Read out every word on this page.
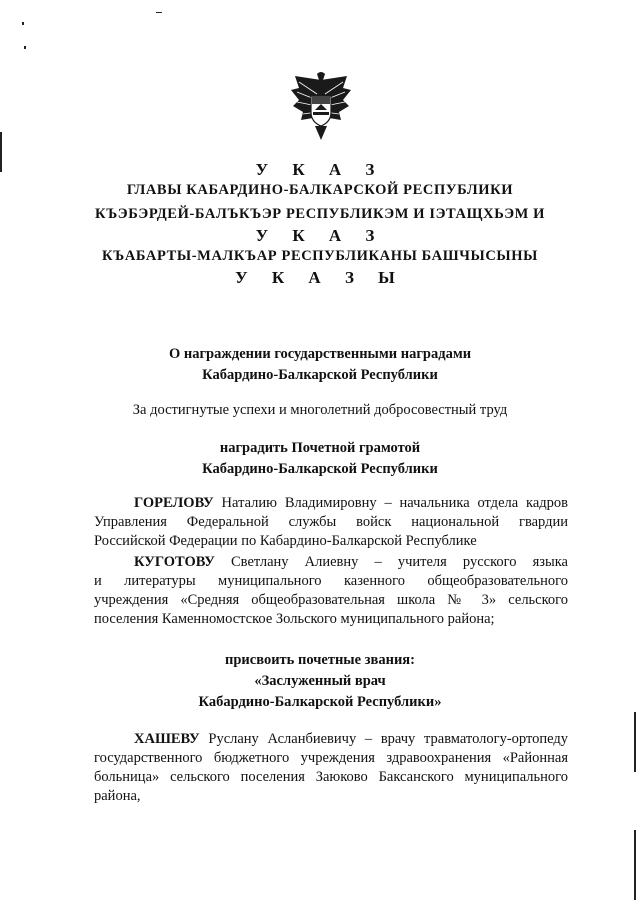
У К А З
ГЛАВЫ КАБАРДИНО-БАЛКАРСКОЙ РЕСПУБЛИКИ
КЪЭБЭРДЕЙ-БАЛЪКЪЭР РЕСПУБЛИКЭМ И ІЭТАЩХЬЭМ И
У К А З
КЪАБАРТЫ-МАЛКЪАР РЕСПУБЛИКАНЫ БАШЧЫСЫНЫ
У К А З Ы
О награждении государственными наградами
Кабардино-Балкарской Республики
За достигнутые успехи и многолетний добросовестный труд
наградить Почетной грамотой
Кабардино-Балкарской Республики
ГОРЕЛОВУ Наталию Владимировну – начальника отдела кадров
Управления Федеральной службы войск национальной гвардии
Российской Федерации по Кабардино-Балкарской Республике
КУГОТОВУ Светлану Алиевну – учителя русского языка
и литературы муниципального казенного общеобразовательного
учреждения «Средняя общеобразовательная школа № 3» сельского
поселения Каменномостское Зольского муниципального района;
присвоить почетные звания:
«Заслуженный врач
Кабардино-Балкарской Республики»
ХАШЕВУ Руслану Асланбиевичу – врачу травматологу-ортопеду
государственного бюджетного учреждения здравоохранения «Районная
больница» сельского поселения Заюково Баксанского муниципального
района,
